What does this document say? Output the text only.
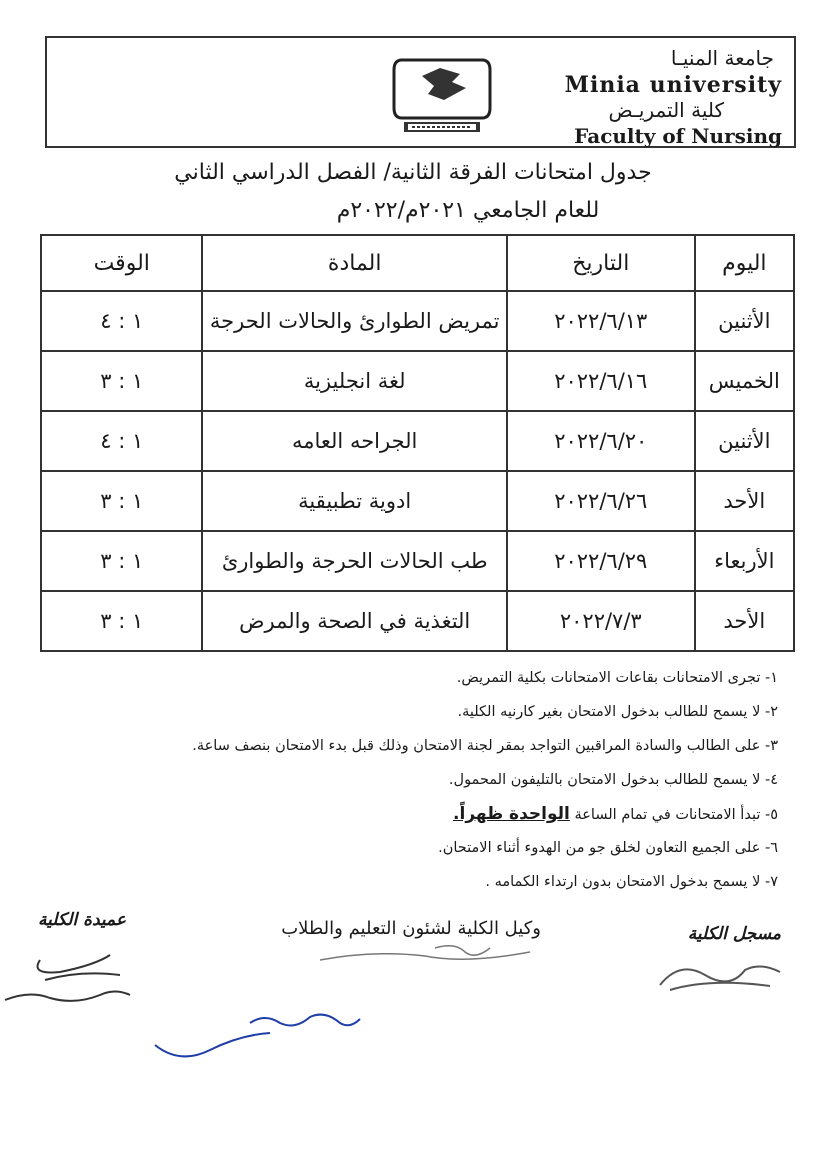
جامعة المنيـا
Minia university
كلية التمريـض
Faculty of Nursing
جدول امتحانات الفرقة الثانية/ الفصل الدراسي الثاني
للعام الجامعي ٢٠٢١م/٢٠٢٢م
اليوم	التاريخ	المادة	الوقت
الأثنين	٢٠٢٢/٦/١٣	تمريض الطوارئ والحالات الحرجة	١ : ٤
الخميس	٢٠٢٢/٦/١٦	لغة انجليزية	١ : ٣
الأثنين	٢٠٢٢/٦/٢٠	الجراحه العامه	١ : ٤
الأحد	٢٠٢٢/٦/٢٦	ادوية تطبيقية	١ : ٣
الأربعاء	٢٠٢٢/٦/٢٩	طب الحالات الحرجة والطوارئ	١ : ٣
الأحد	٢٠٢٢/٧/٣	التغذية في الصحة والمرض	١ : ٣
١- تجرى الامتحانات بقاعات الامتحانات بكلية التمريض.
٢- لا يسمح للطالب بدخول الامتحان بغير كارنيه الكلية.
٣- على الطالب والسادة المراقبين التواجد بمقر لجنة الامتحان وذلك قبل بدء الامتحان بنصف ساعة.
٤- لا يسمح للطالب بدخول الامتحان بالتليفون المحمول.
٥- تبدأ الامتحانات في تمام الساعة الواحدة ظهراً.
٦- على الجميع التعاون لخلق جو من الهدوء أثناء الامتحان.
٧- لا يسمح بدخول الامتحان بدون ارتداء الكمامه .
مسجل الكلية
وكيل الكلية لشئون التعليم والطلاب
عميدة الكلية
